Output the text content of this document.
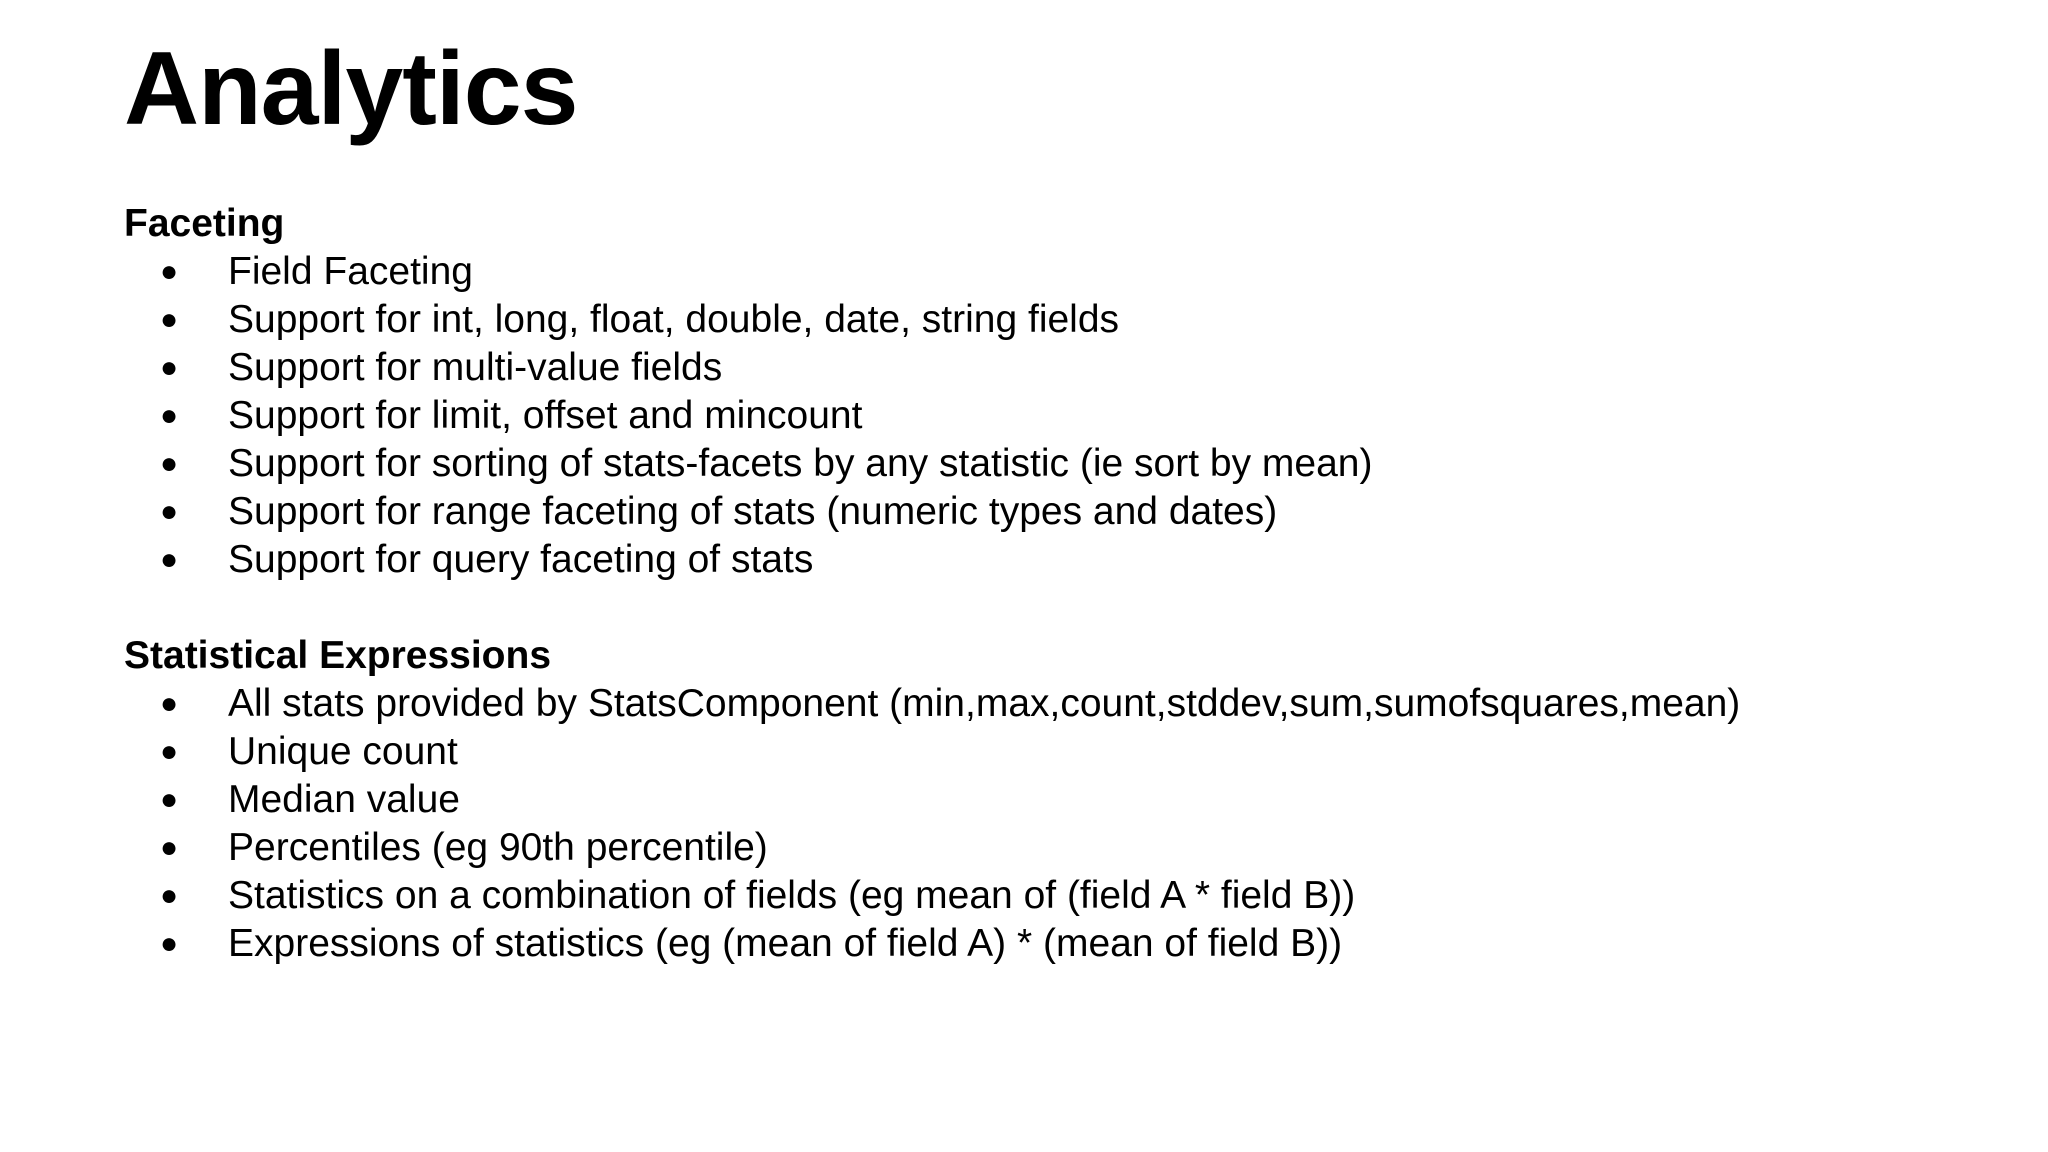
Analytics
Faceting
● Field Faceting
● Support for int, long, float, double, date, string fields
● Support for multi-value fields
● Support for limit, offset and mincount
● Support for sorting of stats-facets by any statistic (ie sort by mean)
● Support for range faceting of stats (numeric types and dates)
● Support for query faceting of stats
Statistical Expressions
● All stats provided by StatsComponent (min,max,count,stddev,sum,sumofsquares,mean)
● Unique count
● Median value
● Percentiles (eg 90th percentile)
● Statistics on a combination of fields (eg mean of (field A * field B))
● Expressions of statistics (eg (mean of field A) * (mean of field B))
